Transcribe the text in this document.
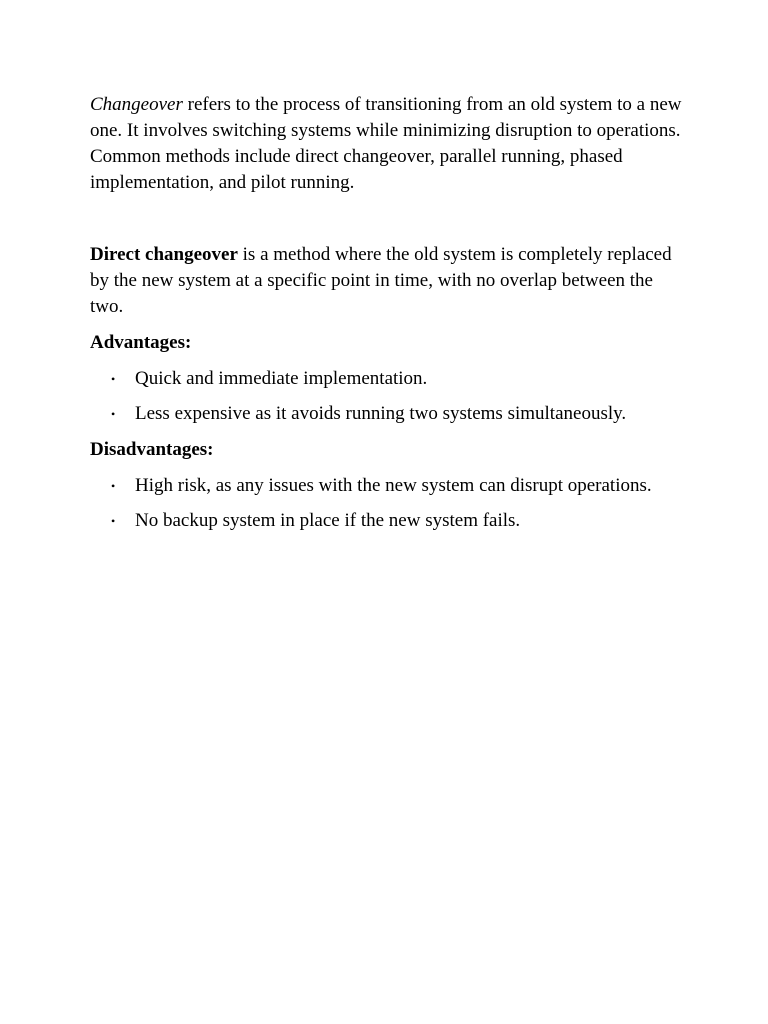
Changeover refers to the process of transitioning from an old system to a new one. It involves switching systems while minimizing disruption to operations. Common methods include direct changeover, parallel running, phased implementation, and pilot running.

Direct changeover is a method where the old system is completely replaced by the new system at a specific point in time, with no overlap between the two.

Advantages:

• Quick and immediate implementation.
• Less expensive as it avoids running two systems simultaneously.

Disadvantages:

• High risk, as any issues with the new system can disrupt operations.
• No backup system in place if the new system fails.
